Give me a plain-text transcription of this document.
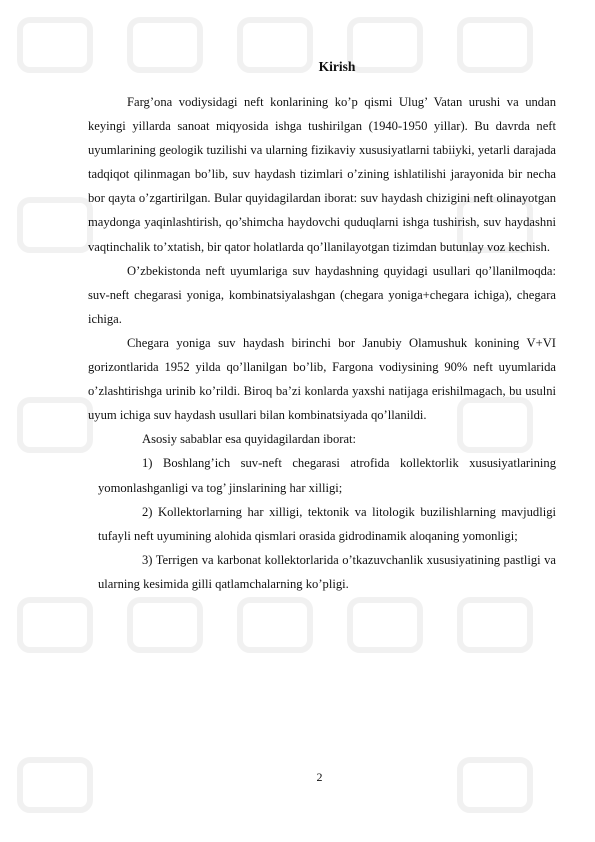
Kirish

Farg’ona vodiysidagi neft konlarining ko’p qismi Ulug’ Vatan urushi va undan keyingi yillarda sanoat miqyosida ishga tushirilgan (1940-1950 yillar). Bu davrda neft uyumlarining geologik tuzilishi va ularning fizikaviy xususiyatlarni tabiiyki, yetarli darajada tadqiqot qilinmagan bo’lib, suv haydash tizimlari o’zining ishlatilishi jarayonida bir necha bor qayta o’zgartirilgan. Bular quyidagilardan iborat: suv haydash chizigini neft olinayotgan maydonga yaqinlashtirish, qo’shimcha haydovchi quduqlarni ishga tushirish, suv haydashni vaqtinchalik to’xtatish, bir qator holatlarda qo’llanilayotgan tizimdan butunlay voz kechish.

O’zbekistonda neft uyumlariga suv haydashning quyidagi usullari qo’llanilmoqda: suv-neft chegarasi yoniga, kombinatsiyalashgan (chegara yoniga+chegara ichiga), chegara ichiga.

Chegara yoniga suv haydash birinchi bor Janubiy Olamushuk konining V+VI gorizontlarida 1952 yilda qo’llanilgan bo’lib, Fargona vodiysining 90% neft uyumlarida o’zlashtirishga urinib ko’rildi. Biroq ba’zi konlarda yaxshi natijaga erishilmagach, bu usulni uyum ichiga suv haydash usullari bilan kombinatsiyada qo’llanildi.

Asosiy sabablar esa quyidagilardan iborat:

1) Boshlang’ich suv-neft chegarasi atrofida kollektorlik xususiyatlarining yomonlashganligi va tog’ jinslarining har xilligi;

2) Kollektorlarning har xilligi, tektonik va litologik buzilishlarning mavjudligi tufayli neft uyumining alohida qismlari orasida gidrodinamik aloqaning yomonligi;

3) Terrigen va karbonat kollektorlarida o’tkazuvchanlik xususiyatining pastligi va ularning kesimida gilli qatlamchalarning ko’pligi.

2
